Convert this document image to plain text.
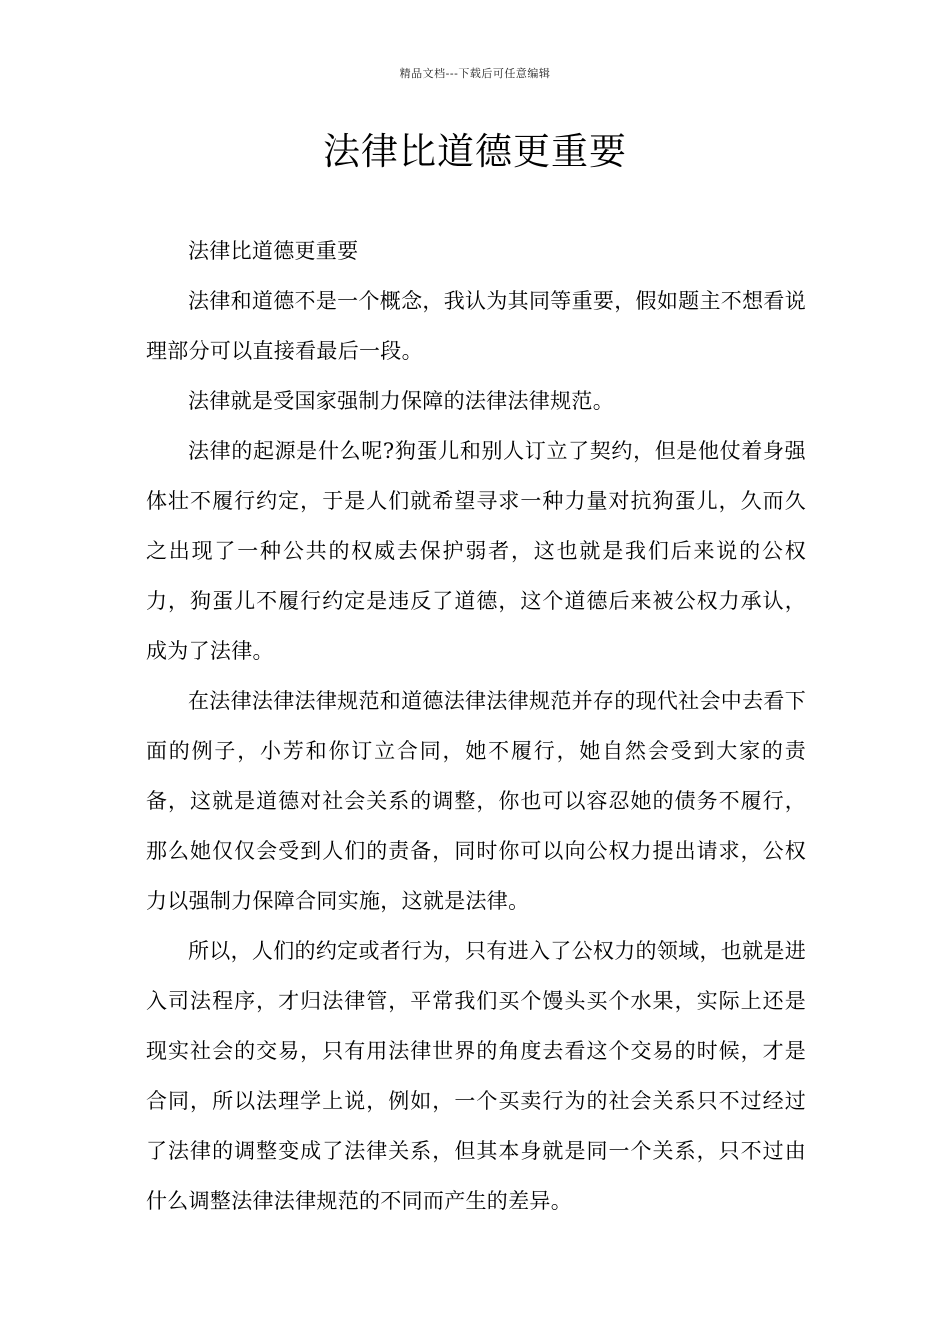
精品文档---下载后可任意编辑
法律比道德更重要

法律比道德更重要

法律和道德不是一个概念，我认为其同等重要，假如题主不想看说理部分可以直接看最后一段。

法律就是受国家强制力保障的法律法律规范。

法律的起源是什么呢?狗蛋儿和别人订立了契约，但是他仗着身强体壮不履行约定，于是人们就希望寻求一种力量对抗狗蛋儿，久而久之出现了一种公共的权威去保护弱者，这也就是我们后来说的公权力，狗蛋儿不履行约定是违反了道德，这个道德后来被公权力承认，成为了法律。

在法律法律法律规范和道德法律法律规范并存的现代社会中去看下面的例子，小芳和你订立合同，她不履行，她自然会受到大家的责备，这就是道德对社会关系的调整，你也可以容忍她的债务不履行，那么她仅仅会受到人们的责备，同时你可以向公权力提出请求，公权力以强制力保障合同实施，这就是法律。

所以，人们的约定或者行为，只有进入了公权力的领域，也就是进入司法程序，才归法律管，平常我们买个馒头买个水果，实际上还是现实社会的交易，只有用法律世界的角度去看这个交易的时候，才是合同，所以法理学上说，例如，一个买卖行为的社会关系只不过经过了法律的调整变成了法律关系，但其本身就是同一个关系，只不过由什么调整法律法律规范的不同而产生的差异。
